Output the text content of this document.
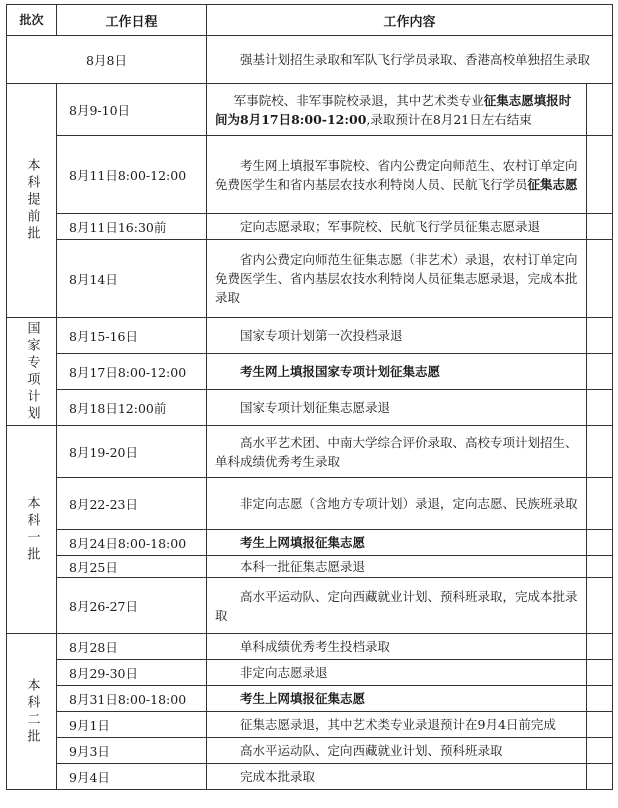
批次	工作日程	工作内容	
8月8日		强基计划招生录取和军队飞行学员录取、香港高校单独招生录取	
本科提前批	8月9-10日	军事院校、非军事院校录退，其中艺术类专业征集志愿填报时间为8月17日8:00-12:00,录取预计在8月21日左右结束	
	8月11日8:00-12:00	考生网上填报军事院校、省内公费定向师范生、农村订单定向免费医学生和省内基层农技水利特岗人员、民航飞行学员征集志愿	
	8月11日16:30前	定向志愿录取；军事院校、民航飞行学员征集志愿录退	
	8月14日	省内公费定向师范生征集志愿（非艺术）录退，农村订单定向免费医学生、省内基层农技水利特岗人员征集志愿录退，完成本批录取	
国家专项计划	8月15-16日	国家专项计划第一次投档录退	
	8月17日8:00-12:00	考生网上填报国家专项计划征集志愿	
	8月18日12:00前	国家专项计划征集志愿录退	
本科一批	8月19-20日	高水平艺术团、中南大学综合评价录取、高校专项计划招生、单科成绩优秀考生录取	
	8月22-23日	非定向志愿（含地方专项计划）录退，定向志愿、民族班录取	
	8月24日8:00-18:00	考生上网填报征集志愿	
	8月25日	本科一批征集志愿录退	
	8月26-27日	高水平运动队、定向西藏就业计划、预科班录取，完成本批录取	
本科二批	8月28日	单科成绩优秀考生投档录取	
	8月29-30日	非定向志愿录退	
	8月31日8:00-18:00	考生上网填报征集志愿	
	9月1日	征集志愿录退，其中艺术类专业录退预计在9月4日前完成	
	9月3日	高水平运动队、定向西藏就业计划、预科班录取	
	9月4日	完成本批录取	
